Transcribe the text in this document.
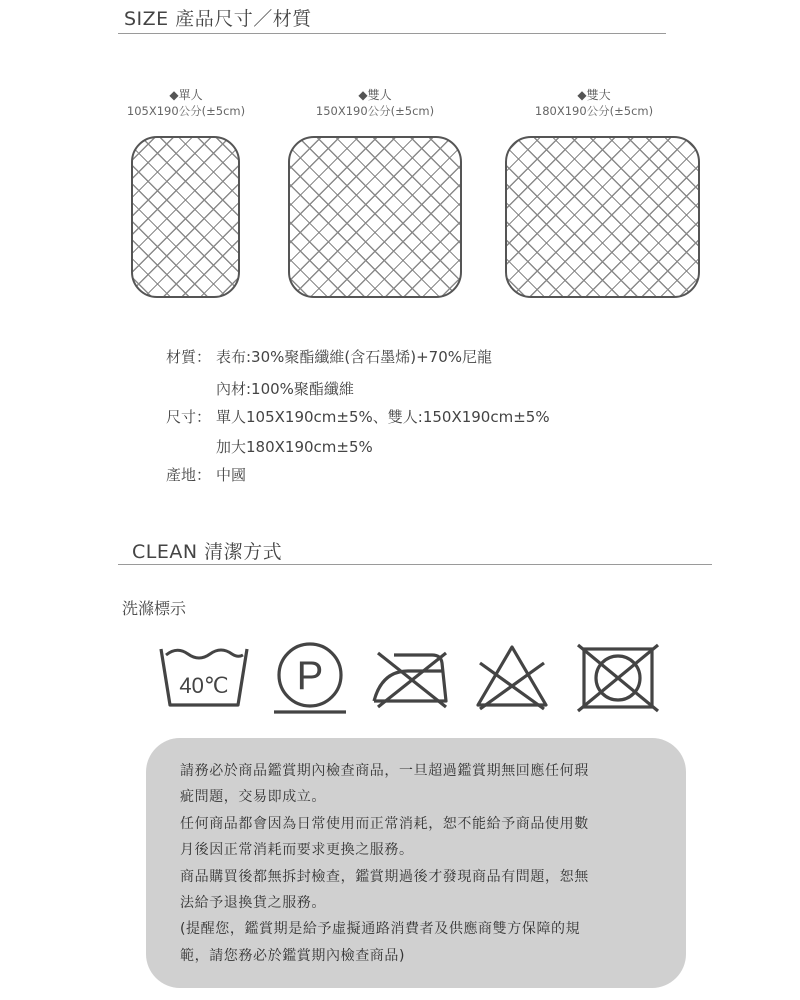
SIZE 產品尺寸／材質
◆單人
105X190公分(±5cm)
◆雙人
150X190公分(±5cm)
◆雙大
180X190公分(±5cm)
材質： 表布:30%聚酯纖維(含石墨烯)+70%尼龍
內材:100%聚酯纖維
尺寸： 單人105X190cm±5%、雙人:150X190cm±5%
加大180X190cm±5%
產地： 中國
CLEAN 清潔方式
洗滌標示
40℃ P

請務必於商品鑑賞期內檢查商品，一旦超過鑑賞期無回應任何瑕

疵問題，交易即成立。

任何商品都會因為日常使用而正常消耗，恕不能給予商品使用數

月後因正常消耗而要求更換之服務。

商品購買後都無拆封檢查，鑑賞期過後才發現商品有問題，恕無

法給予退換貨之服務。

(提醒您，鑑賞期是給予虛擬通路消費者及供應商雙方保障的規

範，請您務必於鑑賞期內檢查商品)
